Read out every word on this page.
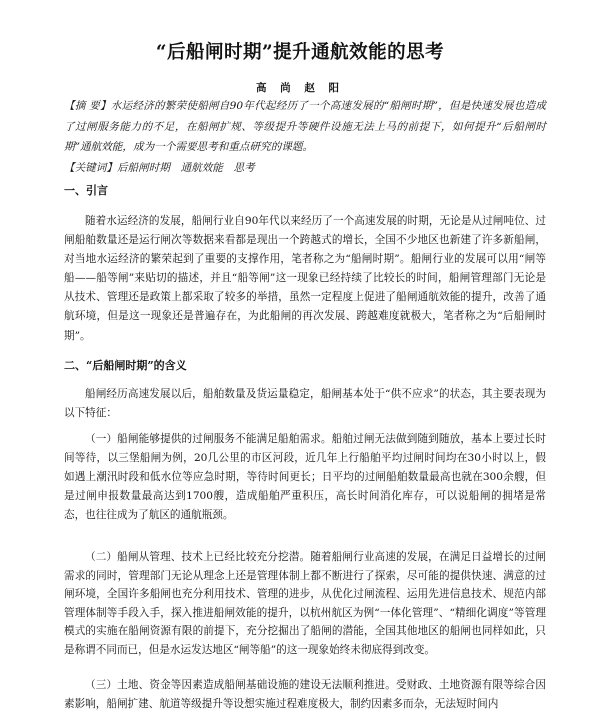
“后船闸时期”提升通航效能的思考
高 尚 赵 阳
【摘 要】水运经济的繁荣使船闸自90年代起经历了一个高速发展的“船闸时期”，但是快速发展也造成了过闸服务能力的不足，在船闸扩规、等级提升等硬件设施无法上马的前提下，如何提升“后船闸时期”通航效能，成为一个需要思考和重点研究的课题。
【关键词】后船闸时期　通航效能　思考
一、引言
随着水运经济的发展，船闸行业自90年代以来经历了一个高速发展的时期，无论是从过闸吨位、过闸船舶数量还是运行闸次等数据来看都是现出一个跨越式的增长，全国不少地区也新建了许多新船闸，对当地水运经济的繁荣起到了重要的支撑作用，笔者称之为“船闸时期”。船闸行业的发展可以用“闸等船——船等闸”来贴切的描述，并且“船等闸”这一现象已经持续了比较长的时间，船闸管理部门无论是从技术、管理还是政策上都采取了较多的举措，虽然一定程度上促进了船闸通航效能的提升，改善了通航环境，但是这一现象还是普遍存在，为此船闸的再次发展、跨越难度就极大，笔者称之为“后船闸时期”。
二、“后船闸时期”的含义
船闸经历高速发展以后，船舶数量及货运量稳定，船闸基本处于“供不应求”的状态，其主要表现为以下特征：
（一）船闸能够提供的过闸服务不能满足船舶需求。船舶过闸无法做到随到随放，基本上要过长时间等待，以三堡船闸为例，20几公里的市区河段，近几年上行船舶平均过闸时间均在30小时以上，假如遇上潮汛时段和低水位等应急时期，等待时间更长；日平均的过闸船舶数量最高也就在300余艘，但是过闸申报数量最高达到1700艘，造成船舶严重积压，高长时间消化库存，可以说船闸的拥堵是常态，也往往成为了航区的通航瓶颈。
（二）船闸从管理、技术上已经比较充分挖潜。随着船闸行业高速的发展，在满足日益增长的过闸需求的同时，管理部门无论从理念上还是管理体制上都不断进行了探索，尽可能的提供快速、满意的过闸环境，全国许多船闸也充分利用技术、管理的进步，从优化过闸流程、运用先进信息技术、规范内部管理体制等手段入手，探入推进船闸效能的提升，以杭州航区为例“一体化管理”、“精细化调度”等管理模式的实施在船闸资源有限的前提下，充分挖掘出了船闸的潜能，全国其他地区的船闸也同样如此，只是称谓不同而已，但是水运发达地区“闸等船”的这一现象始终未彻底得到改变。
（三）土地、资金等因素造成船闸基础设施的建设无法顺利推进。受财政、土地资源有限等综合因素影响，船闸扩建、航道等级提升等设想实施过程难度极大，制约因素多而杂，无法短时间内
